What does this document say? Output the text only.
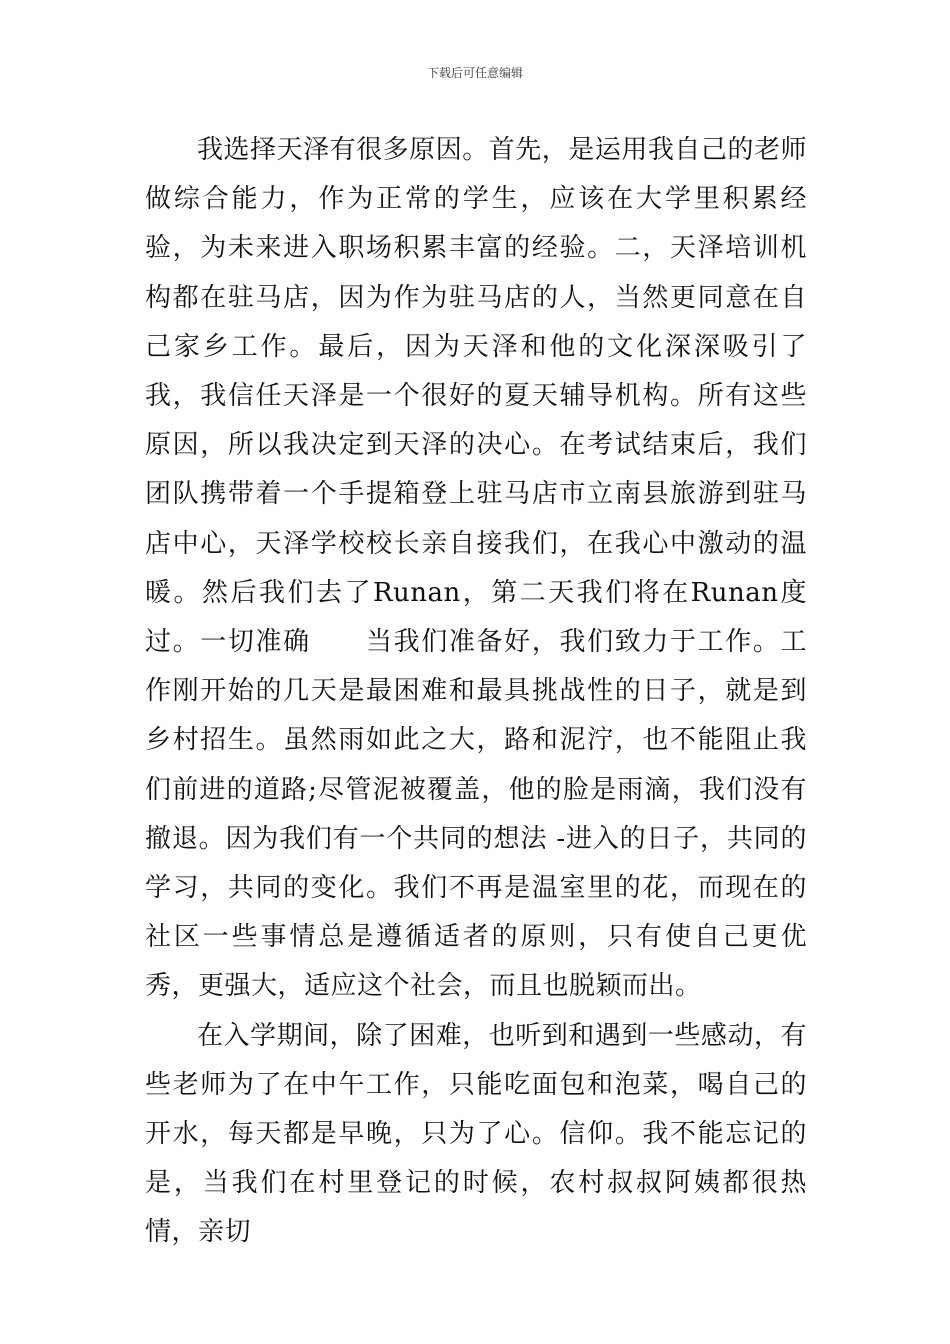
下载后可任意编辑

我选择天泽有很多原因。首先，是运用我自己的老师做综合能力，作为正常的学生，应该在大学里积累经验，为未来进入职场积累丰富的经验。二，天泽培训机构都在驻马店，因为作为驻马店的人，当然更同意在自己家乡工作。最后，因为天泽和他的文化深深吸引了我，我信任天泽是一个很好的夏天辅导机构。所有这些原因，所以我决定到天泽的决心。在考试结束后，我们团队携带着一个手提箱登上驻马店市立南县旅游到驻马店中心，天泽学校校长亲自接我们，在我心中激动的温暖。然后我们去了Runan，第二天我们将在Runan度过。一切准确　　当我们准备好，我们致力于工作。工作刚开始的几天是最困难和最具挑战性的日子，就是到乡村招生。虽然雨如此之大，路和泥泞，也不能阻止我们前进的道路;尽管泥被覆盖，他的脸是雨滴，我们没有撤退。因为我们有一个共同的想法 -进入的日子，共同的学习，共同的变化。我们不再是温室里的花，而现在的社区一些事情总是遵循适者的原则，只有使自己更优秀，更强大，适应这个社会，而且也脱颖而出。

在入学期间，除了困难，也听到和遇到一些感动，有些老师为了在中午工作，只能吃面包和泡菜，喝自己的开水，每天都是早晚，只为了心。信仰。我不能忘记的是，当我们在村里登记的时候，农村叔叔阿姨都很热情，亲切
